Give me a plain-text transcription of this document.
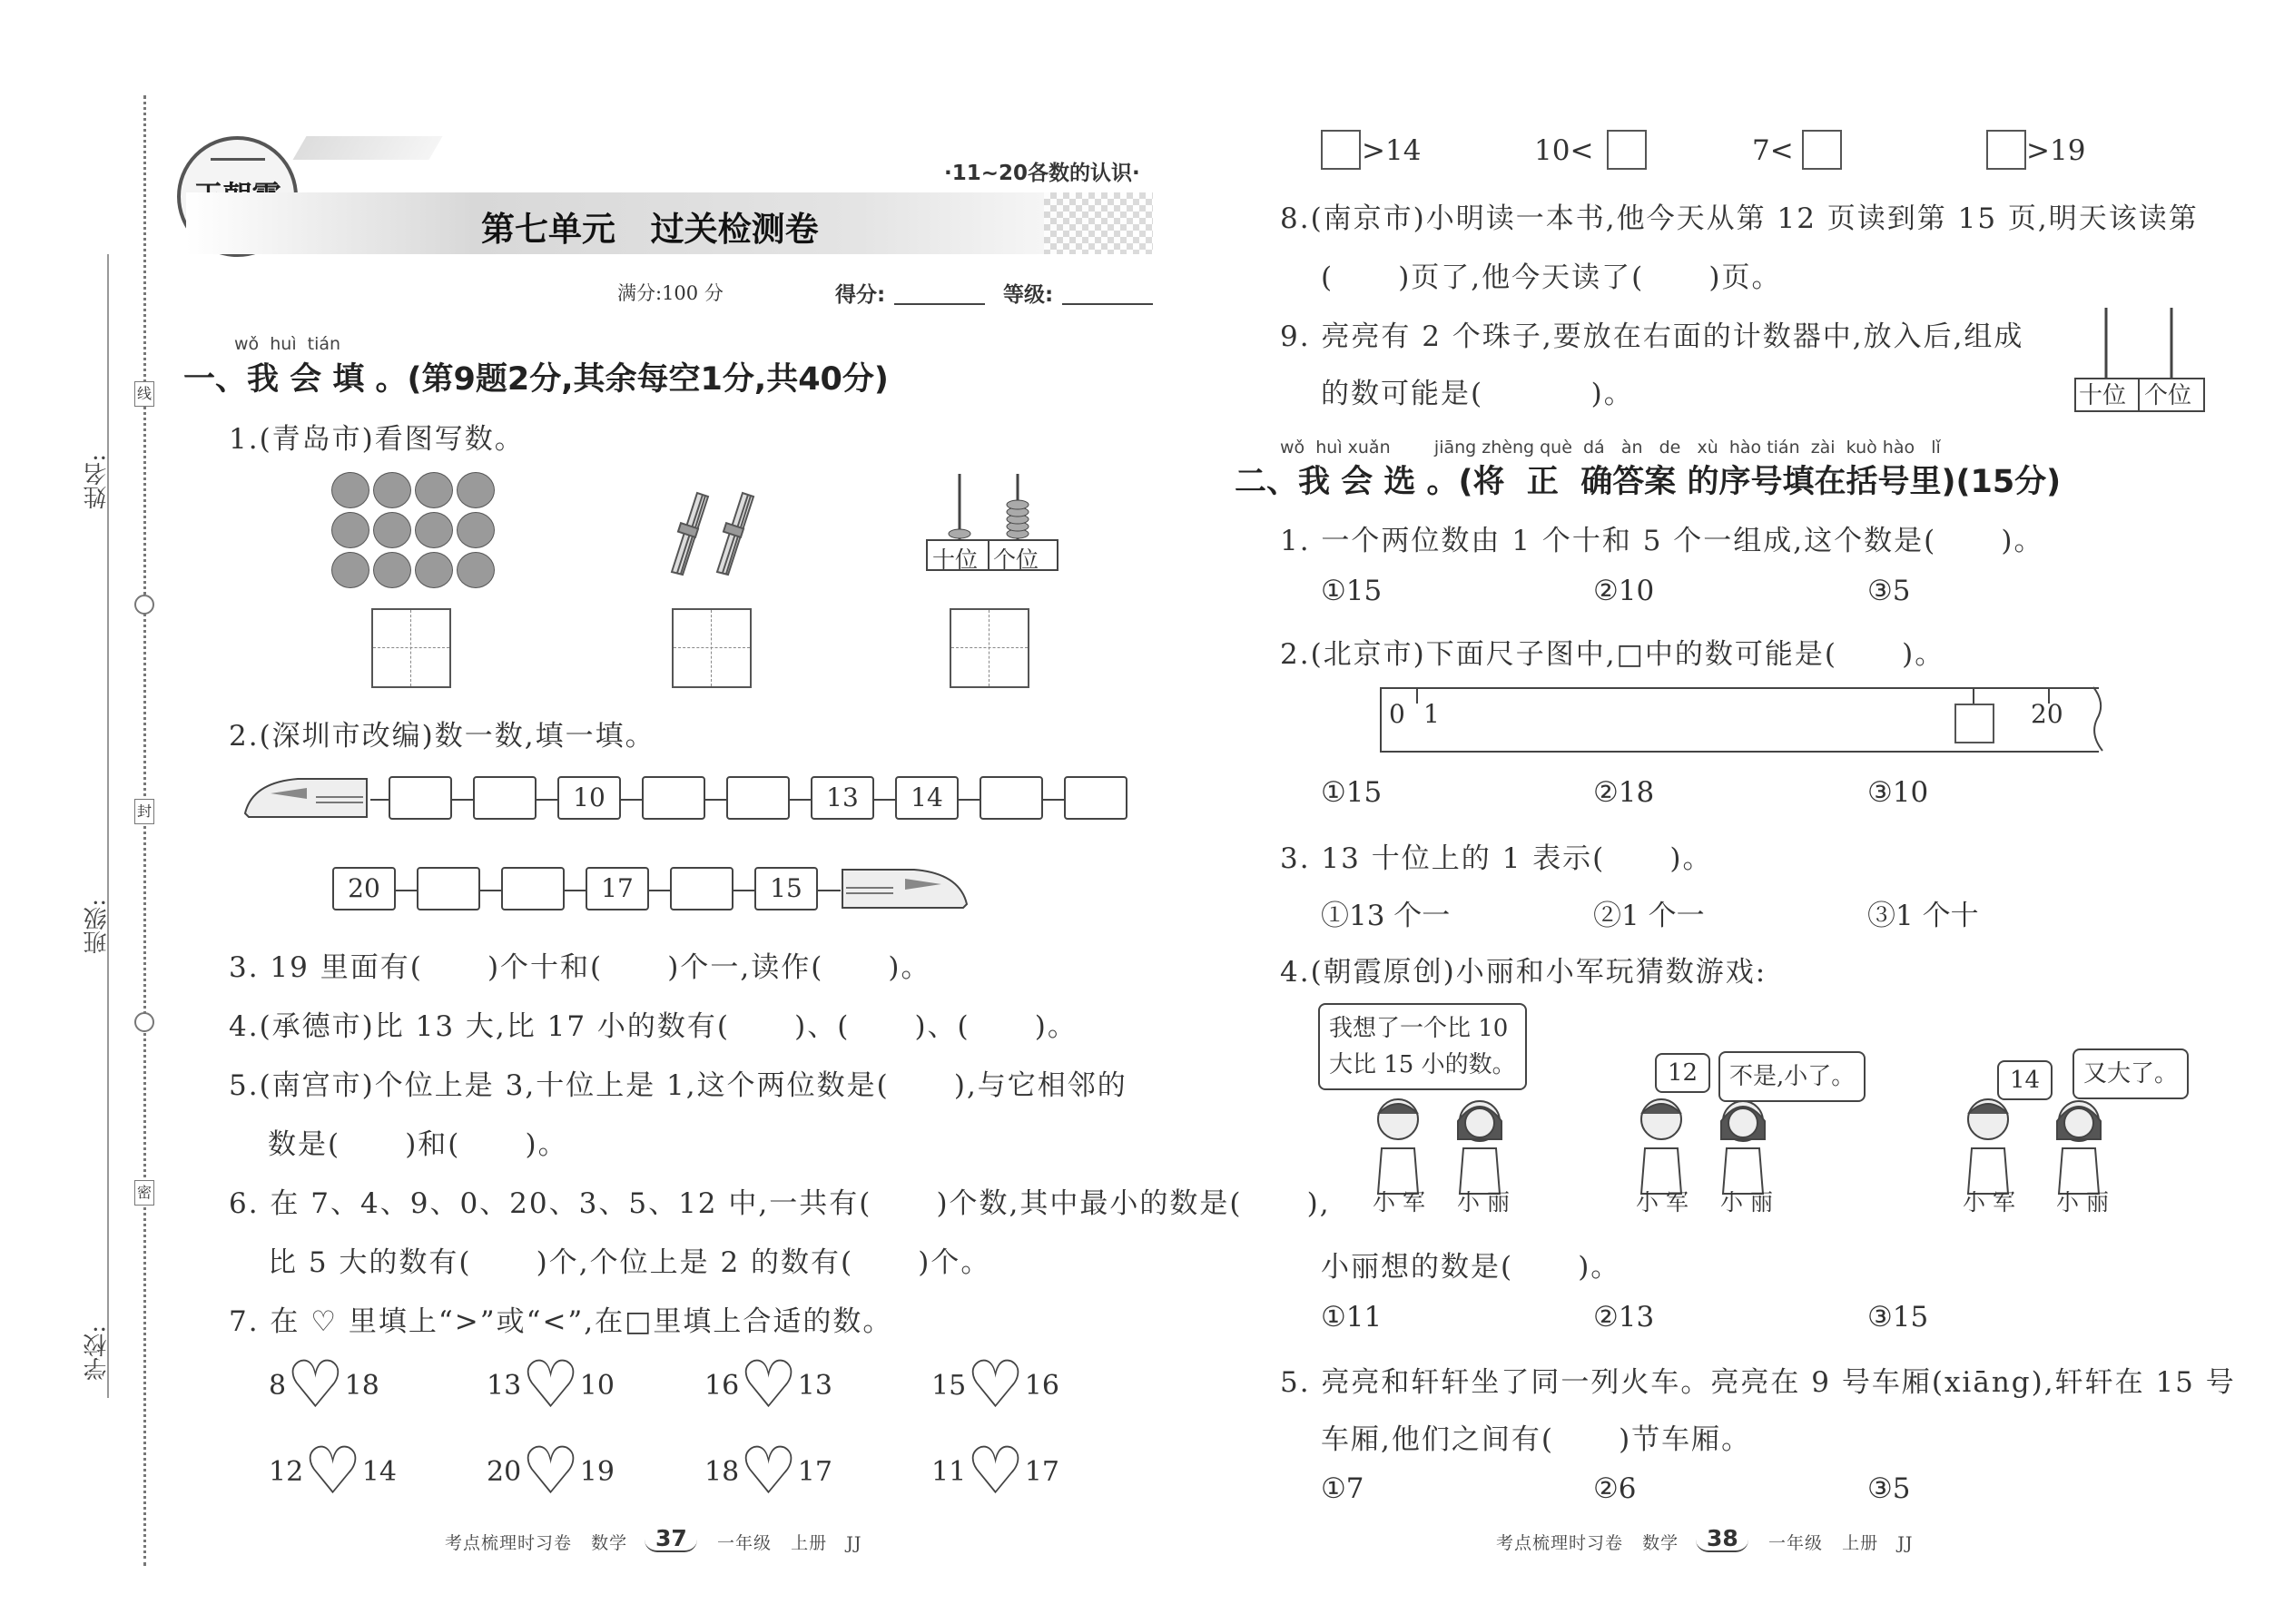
姓名:
班级:
学校:
线
封
密
·11~20各数的认识·
第七单元   过关检测卷
满分:100 分	得分:	等级:
wǒ  huì  tián
一、我 会 填 。(第9题2分,其余每空1分,共40分)
1.(青岛市)看图写数。
十位 个位
2.(深圳市改编)数一数,填一填。
10	13	14
20	17	15
3. 19 里面有(      )个十和(      )个一,读作(      )。
4.(承德市)比 13 大,比 17 小的数有(      )、(      )、(      )。
5.(南宫市)个位上是 3,十位上是 1,这个两位数是(      ),与它相邻的
数是(      )和(      )。
6. 在 7、4、9、0、20、3、5、12 中,一共有(      )个数,其中最小的数是(      ),
比 5 大的数有(      )个,个位上是 2 的数有(      )个。
7. 在 ♡ 里填上“>”或“<”,在□里填上合适的数。
8♡18	13♡10	16♡13	15♡16
12♡14	20♡19	18♡17	11♡17
考点梳理时习卷   数学 37 一年级   上册   JJ
>14	10<	7<	>19
8.(南京市)小明读一本书,他今天从第 12 页读到第 15 页,明天该读第
(      )页了,他今天读了(      )页。
9. 亮亮有 2 个珠子,要放在右面的计数器中,放入后,组成
的数可能是(          )。	十位 个位
wǒ  huì xuǎn        jiāng zhèng què  dá   àn   de   xù  hào tián  zài  kuò hào   lǐ
二、我 会 选 。(将  正  确答案 的序号填在括号里)(15分)
1. 一个两位数由 1 个十和 5 个一组成,这个数是(      )。
①15	②10	③5
2.(北京市)下面尺子图中,□中的数可能是(      )。
0 1	20
①15	②18	③10
3. 13 十位上的 1 表示(      )。
①13 个一	②1 个一	③1 个十
4.(朝霞原创)小丽和小军玩猜数游戏:
我想了一个比 10
大比 15 小的数。	12	不是,小了。	14	又大了。
小军 小丽	小军 小丽	小军 小丽
小丽想的数是(      )。
①11	②13	③15
5. 亮亮和轩轩坐了同一列火车。亮亮在 9 号车厢(xiāng),轩轩在 15 号
车厢,他们之间有(      )节车厢。
①7	②6	③5
考点梳理时习卷   数学 38 一年级   上册   JJ
